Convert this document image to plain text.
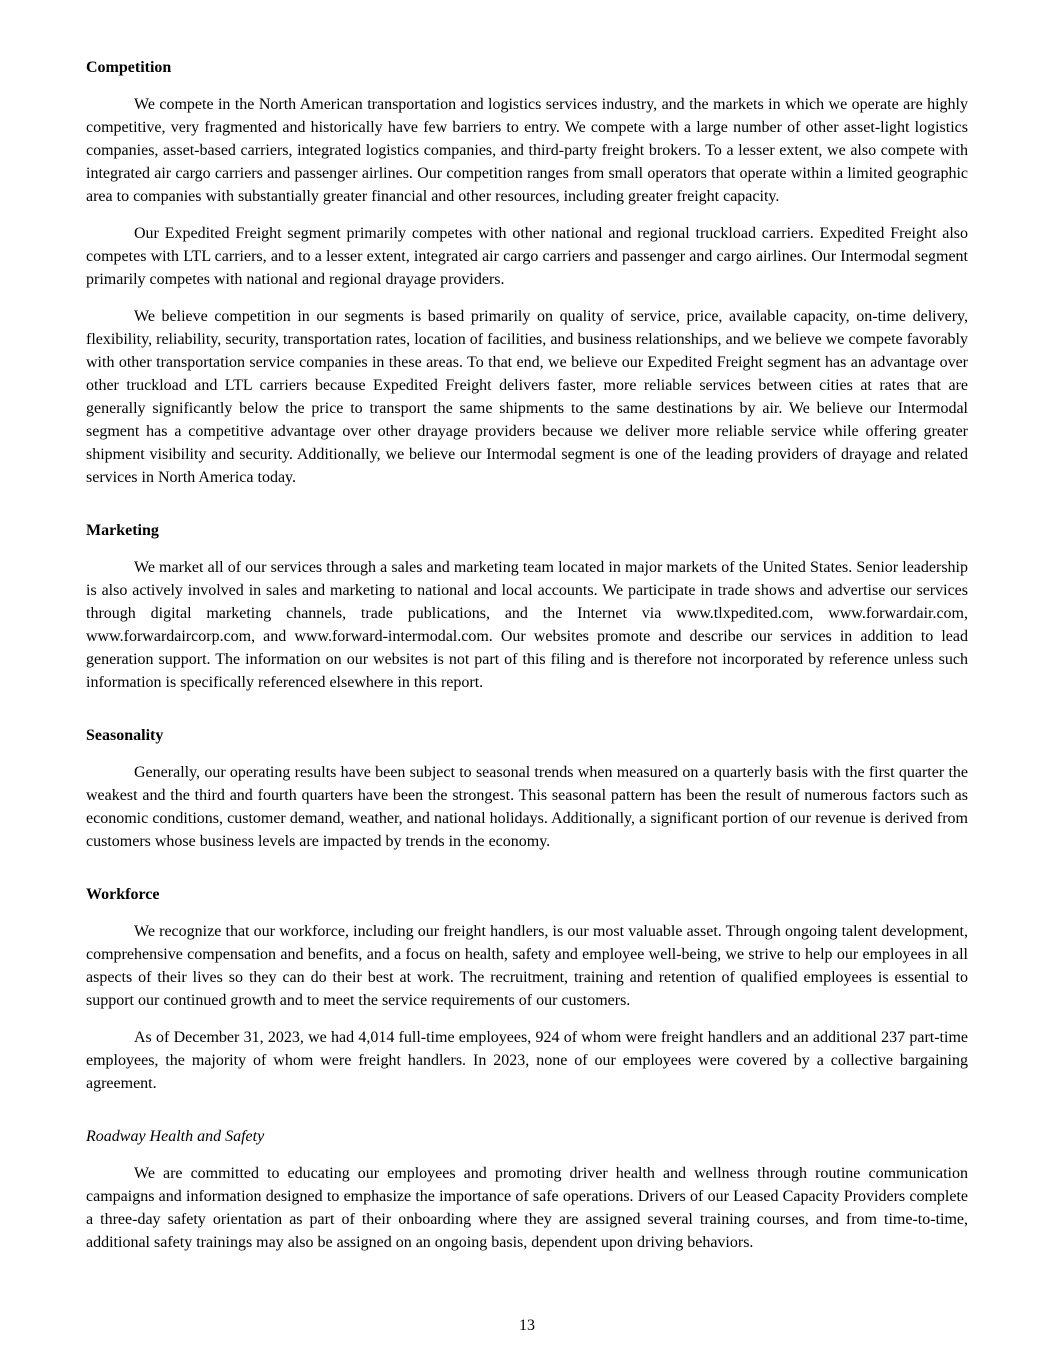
Competition

We compete in the North American transportation and logistics services industry, and the markets in which we operate are highly competitive, very fragmented and historically have few barriers to entry. We compete with a large number of other asset-light logistics companies, asset-based carriers, integrated logistics companies, and third-party freight brokers. To a lesser extent, we also compete with integrated air cargo carriers and passenger airlines. Our competition ranges from small operators that operate within a limited geographic area to companies with substantially greater financial and other resources, including greater freight capacity.

Our Expedited Freight segment primarily competes with other national and regional truckload carriers. Expedited Freight also competes with LTL carriers, and to a lesser extent, integrated air cargo carriers and passenger and cargo airlines. Our Intermodal segment primarily competes with national and regional drayage providers.

We believe competition in our segments is based primarily on quality of service, price, available capacity, on-time delivery, flexibility, reliability, security, transportation rates, location of facilities, and business relationships, and we believe we compete favorably with other transportation service companies in these areas. To that end, we believe our Expedited Freight segment has an advantage over other truckload and LTL carriers because Expedited Freight delivers faster, more reliable services between cities at rates that are generally significantly below the price to transport the same shipments to the same destinations by air. We believe our Intermodal segment has a competitive advantage over other drayage providers because we deliver more reliable service while offering greater shipment visibility and security. Additionally, we believe our Intermodal segment is one of the leading providers of drayage and related services in North America today.

Marketing

We market all of our services through a sales and marketing team located in major markets of the United States. Senior leadership is also actively involved in sales and marketing to national and local accounts. We participate in trade shows and advertise our services through digital marketing channels, trade publications, and the Internet via www.tlxpedited.com, www.forwardair.com, www.forwardaircorp.com, and www.forward-intermodal.com. Our websites promote and describe our services in addition to lead generation support. The information on our websites is not part of this filing and is therefore not incorporated by reference unless such information is specifically referenced elsewhere in this report.

Seasonality

Generally, our operating results have been subject to seasonal trends when measured on a quarterly basis with the first quarter the weakest and the third and fourth quarters have been the strongest. This seasonal pattern has been the result of numerous factors such as economic conditions, customer demand, weather, and national holidays. Additionally, a significant portion of our revenue is derived from customers whose business levels are impacted by trends in the economy.

Workforce

We recognize that our workforce, including our freight handlers, is our most valuable asset. Through ongoing talent development, comprehensive compensation and benefits, and a focus on health, safety and employee well-being, we strive to help our employees in all aspects of their lives so they can do their best at work. The recruitment, training and retention of qualified employees is essential to support our continued growth and to meet the service requirements of our customers.

As of December 31, 2023, we had 4,014 full-time employees, 924 of whom were freight handlers and an additional 237 part-time employees, the majority of whom were freight handlers. In 2023, none of our employees were covered by a collective bargaining agreement.

Roadway Health and Safety

We are committed to educating our employees and promoting driver health and wellness through routine communication campaigns and information designed to emphasize the importance of safe operations. Drivers of our Leased Capacity Providers complete a three-day safety orientation as part of their onboarding where they are assigned several training courses, and from time-to-time, additional safety trainings may also be assigned on an ongoing basis, dependent upon driving behaviors.

13
